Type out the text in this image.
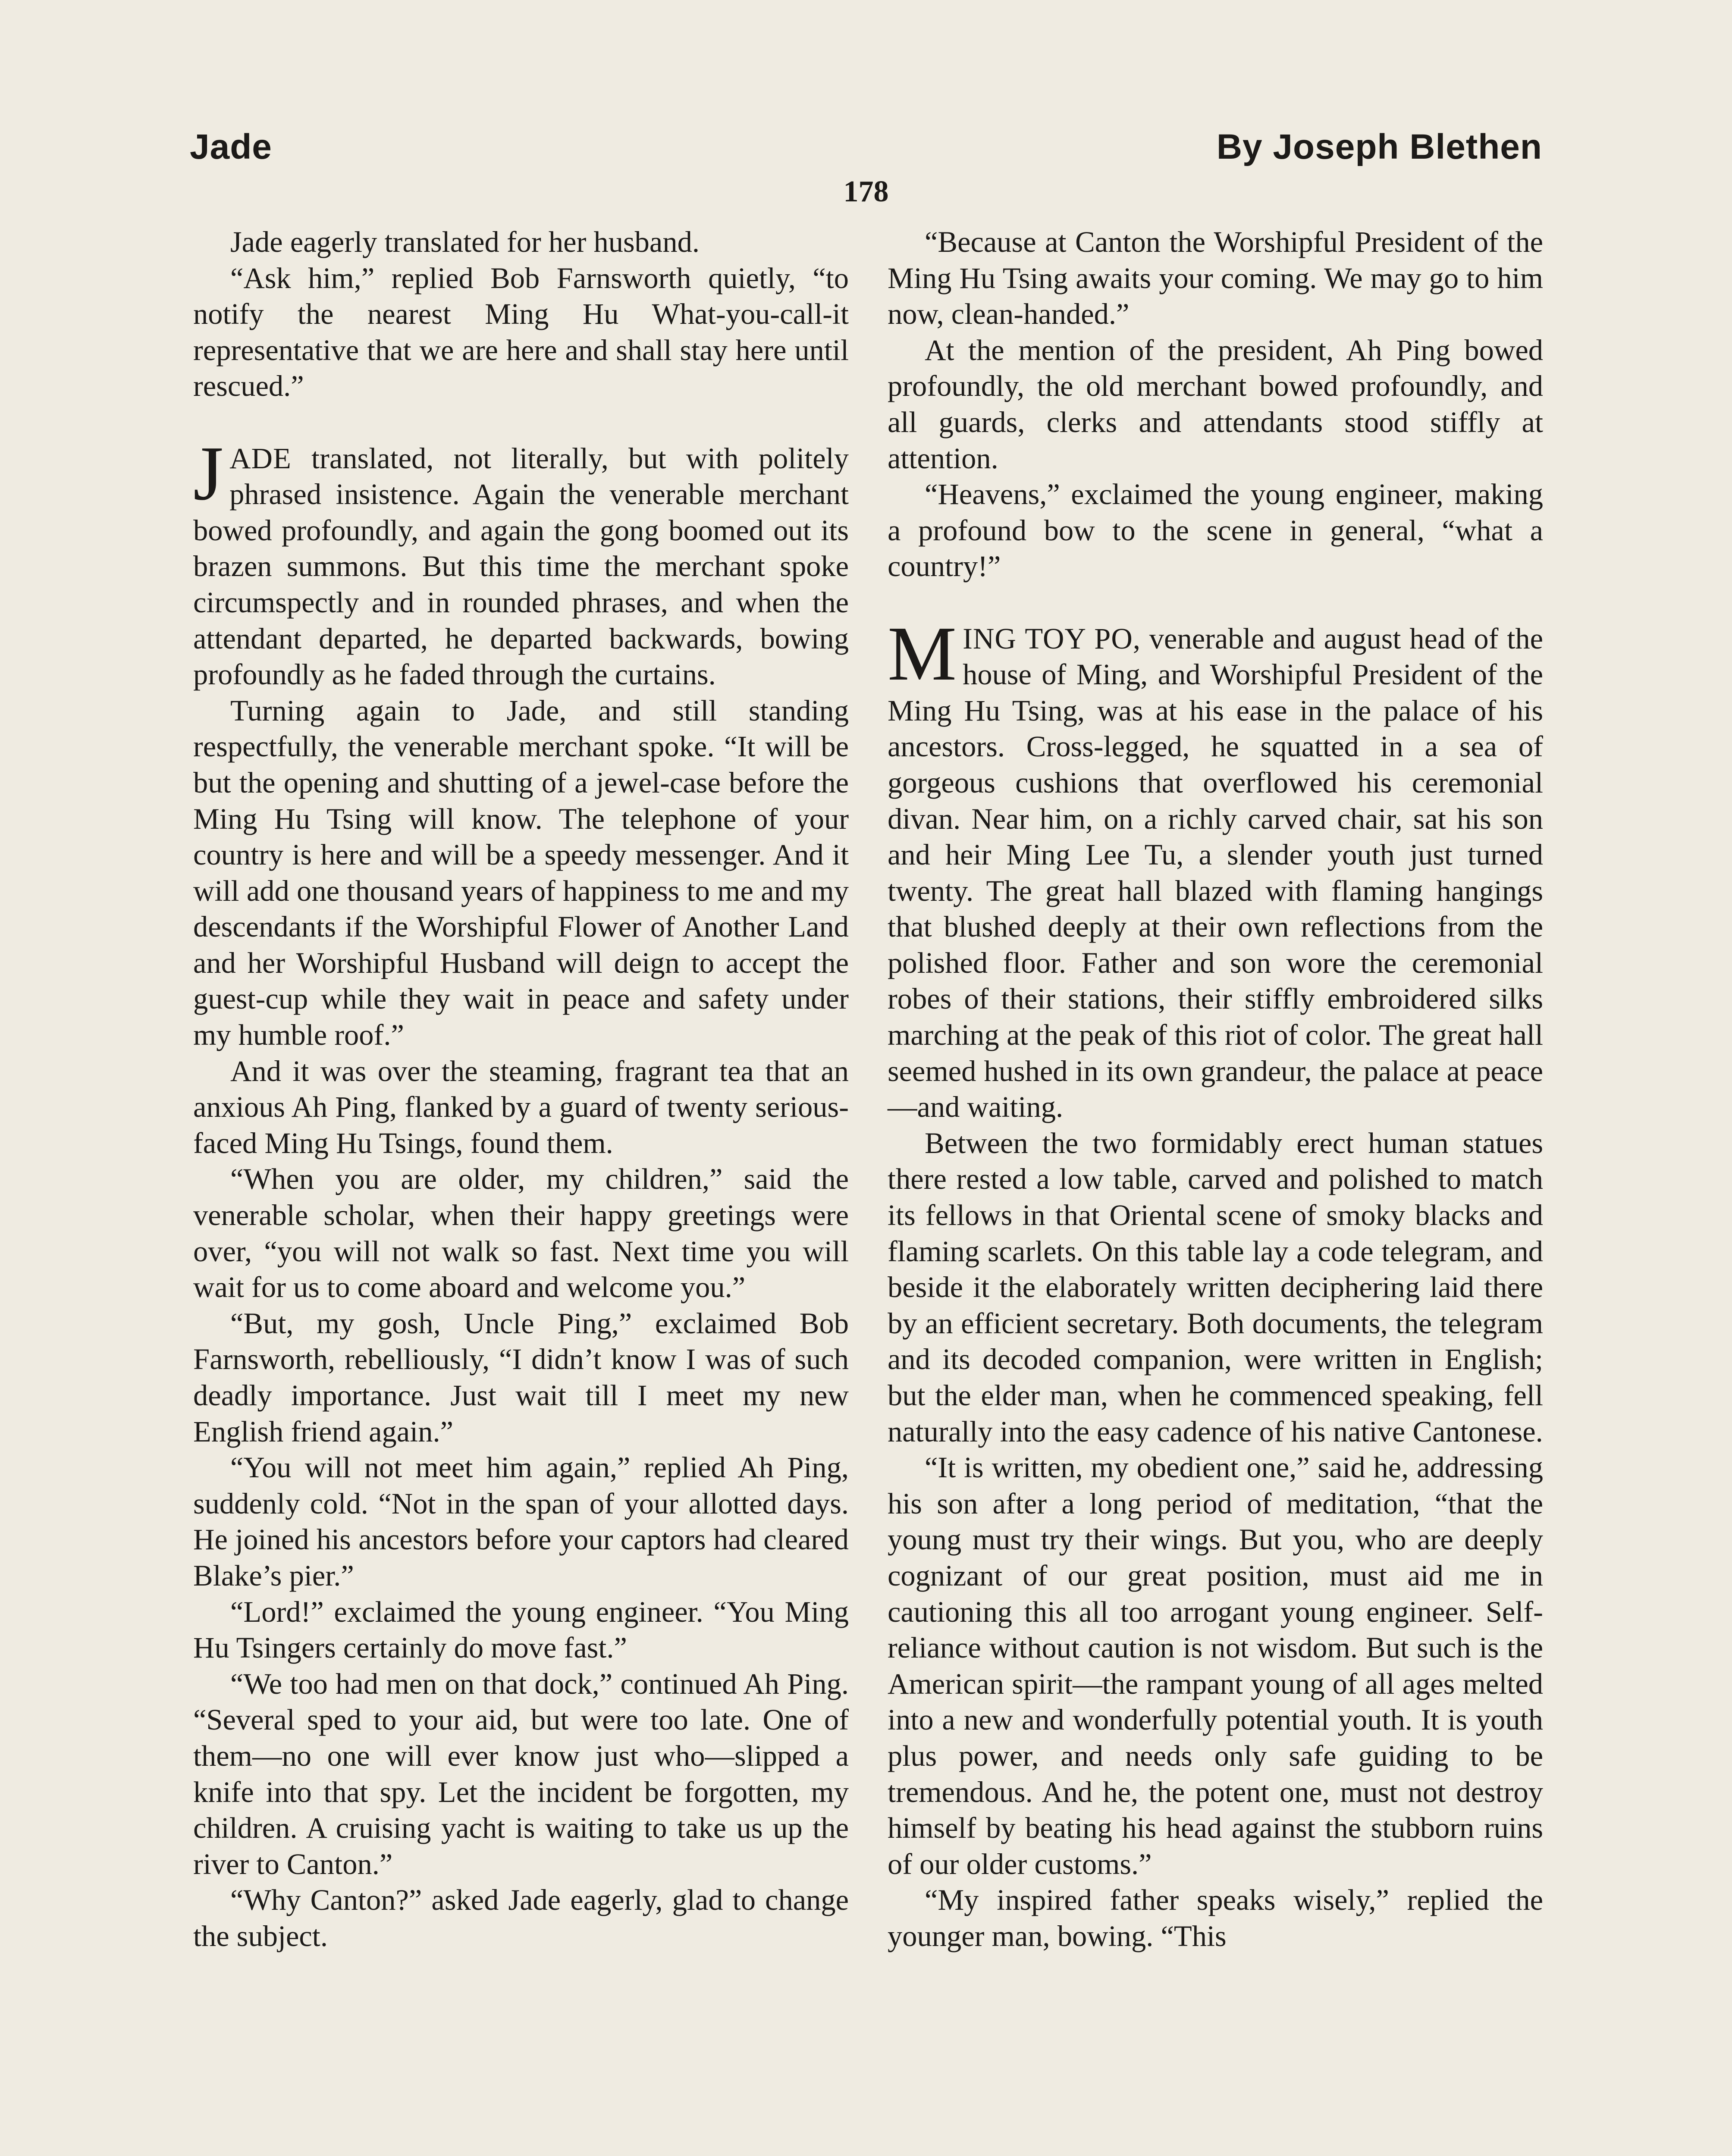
Jade	By Joseph Blethen
178

Jade eagerly translated for her husband.

“Ask him,” replied Bob Farnsworth quietly, “to notify the nearest Ming Hu What-you-call-it representative that we are here and shall stay here until rescued.”

JADE translated, not literally, but with politely phrased insistence. Again the venerable merchant bowed profoundly, and again the gong boomed out its brazen summons. But this time the merchant spoke circumspectly and in rounded phrases, and when the attendant departed, he departed backwards, bowing profoundly as he faded through the curtains.

Turning again to Jade, and still standing respectfully, the venerable merchant spoke. “It will be but the opening and shutting of a jewel-case before the Ming Hu Tsing will know. The telephone of your country is here and will be a speedy messenger. And it will add one thousand years of happiness to me and my descendants if the Worshipful Flower of Another Land and her Worshipful Husband will deign to accept the guest-cup while they wait in peace and safety under my humble roof.”

And it was over the steaming, fragrant tea that an anxious Ah Ping, flanked by a guard of twenty serious-faced Ming Hu Tsings, found them.

“When you are older, my children,” said the venerable scholar, when their happy greetings were over, “you will not walk so fast. Next time you will wait for us to come aboard and welcome you.”

“But, my gosh, Uncle Ping,” exclaimed Bob Farnsworth, rebelliously, “I didn’t know I was of such deadly importance. Just wait till I meet my new English friend again.”

“You will not meet him again,” replied Ah Ping, suddenly cold. “Not in the span of your allotted days. He joined his ancestors before your captors had cleared Blake’s pier.”

“Lord!” exclaimed the young engineer. “You Ming Hu Tsingers certainly do move fast.”

“We too had men on that dock,” continued Ah Ping. “Several sped to your aid, but were too late. One of them—no one will ever know just who—slipped a knife into that spy. Let the incident be forgotten, my children. A cruising yacht is waiting to take us up the river to Canton.”

“Why Canton?” asked Jade eagerly, glad to change the subject.

“Because at Canton the Worshipful President of the Ming Hu Tsing awaits your coming. We may go to him now, clean-handed.”

At the mention of the president, Ah Ping bowed profoundly, the old merchant bowed profoundly, and all guards, clerks and attendants stood stiffly at attention.

“Heavens,” exclaimed the young engineer, making a profound bow to the scene in general, “what a country!”

MING TOY PO, venerable and august head of the house of Ming, and Worshipful President of the Ming Hu Tsing, was at his ease in the palace of his ancestors. Cross-legged, he squatted in a sea of gorgeous cushions that overflowed his ceremonial divan. Near him, on a richly carved chair, sat his son and heir Ming Lee Tu, a slender youth just turned twenty. The great hall blazed with flaming hangings that blushed deeply at their own reflections from the polished floor. Father and son wore the ceremonial robes of their stations, their stiffly embroidered silks marching at the peak of this riot of color. The great hall seemed hushed in its own grandeur, the palace at peace—and waiting.

Between the two formidably erect human statues there rested a low table, carved and polished to match its fellows in that Oriental scene of smoky blacks and flaming scarlets. On this table lay a code telegram, and beside it the elaborately written deciphering laid there by an efficient secretary. Both documents, the telegram and its decoded companion, were written in English; but the elder man, when he commenced speaking, fell naturally into the easy cadence of his native Cantonese.

“It is written, my obedient one,” said he, addressing his son after a long period of meditation, “that the young must try their wings. But you, who are deeply cognizant of our great position, must aid me in cautioning this all too arrogant young engineer. Self-reliance without caution is not wisdom. But such is the American spirit—the rampant young of all ages melted into a new and wonderfully potential youth. It is youth plus power, and needs only safe guiding to be tremendous. And he, the potent one, must not destroy himself by beating his head against the stubborn ruins of our older customs.”

“My inspired father speaks wisely,” replied the younger man, bowing. “This
